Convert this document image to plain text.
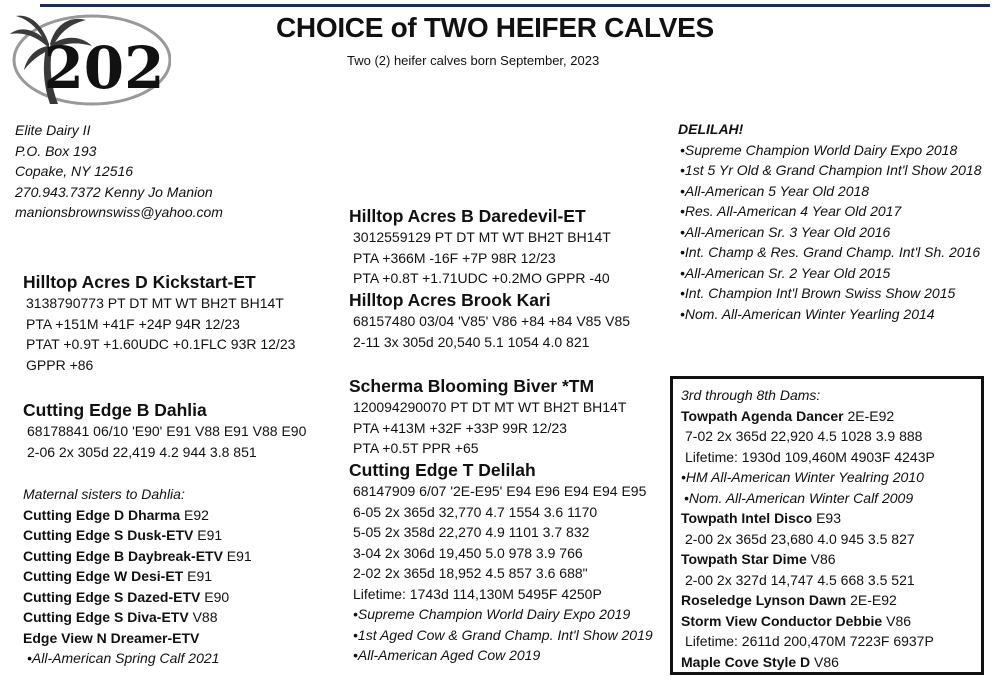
202
CHOICE of TWO HEIFER CALVES
Two (2) heifer calves born September, 2023
Elite Dairy II
P.O. Box 193
Copake, NY 12516
270.943.7372 Kenny Jo Manion
manionsbrownswiss@yahoo.com
Hilltop Acres D Kickstart-ET
3138790773 PT DT MT WT BH2T BH14T
PTA +151M +41F +24P 94R 12/23
PTAT +0.9T +1.60UDC +0.1FLC 93R 12/23
GPPR +86
Cutting Edge B Dahlia
68178841 06/10 'E90' E91 V88 E91 V88 E90
2-06 2x 305d 22,419 4.2 944 3.8 851
Maternal sisters to Dahlia:
Cutting Edge D Dharma E92
Cutting Edge S Dusk-ETV E91
Cutting Edge B Daybreak-ETV E91
Cutting Edge W Desi-ET E91
Cutting Edge S Dazed-ETV E90
Cutting Edge S Diva-ETV V88
Edge View N Dreamer-ETV
•All-American Spring Calf 2021
Hilltop Acres B Daredevil-ET
3012559129 PT DT MT WT BH2T BH14T
PTA +366M -16F +7P 98R 12/23
PTA +0.8T +1.71UDC +0.2MO GPPR -40
Hilltop Acres Brook Kari
68157480 03/04 'V85' V86 +84 +84 V85 V85
2-11 3x 305d 20,540 5.1 1054 4.0 821
Scherma Blooming Biver *TM
120094290070 PT DT MT WT BH2T BH14T
PTA +413M +32F +33P 99R 12/23
PTA +0.5T PPR +65
Cutting Edge T Delilah
68147909 6/07 '2E-E95' E94 E96 E94 E94 E95
6-05 2x 365d 32,770 4.7 1554 3.6 1170
5-05 2x 358d 22,270 4.9 1101 3.7 832
3-04 2x 306d 19,450 5.0 978 3.9 766
2-02 2x 365d 18,952 4.5 857 3.6 688"
Lifetime: 1743d 114,130M 5495F 4250P
•Supreme Champion World Dairy Expo 2019
•1st Aged Cow & Grand Champ. Int'l Show 2019
•All-American Aged Cow 2019
DELILAH!
•Supreme Champion World Dairy Expo 2018
•1st 5 Yr Old & Grand Champion Int'l Show 2018
•All-American 5 Year Old 2018
•Res. All-American 4 Year Old 2017
•All-American Sr. 3 Year Old 2016
•Int. Champ & Res. Grand Champ. Int'l Sh. 2016
•All-American Sr. 2 Year Old 2015
•Int. Champion Int'l Brown Swiss Show 2015
•Nom. All-American Winter Yearling 2014
3rd through 8th Dams:
Towpath Agenda Dancer 2E-E92
7-02 2x 365d 22,920 4.5 1028 3.9 888
Lifetime: 1930d 109,460M 4903F 4243P
•HM All-American Winter Yealring 2010
•Nom. All-American Winter Calf 2009
Towpath Intel Disco E93
2-00 2x 365d 23,680 4.0 945 3.5 827
Towpath Star Dime V86
2-00 2x 327d 14,747 4.5 668 3.5 521
Roseledge Lynson Dawn 2E-E92
Storm View Conductor Debbie V86
Lifetime: 2611d 200,470M 7223F 6937P
Maple Cove Style D V86
